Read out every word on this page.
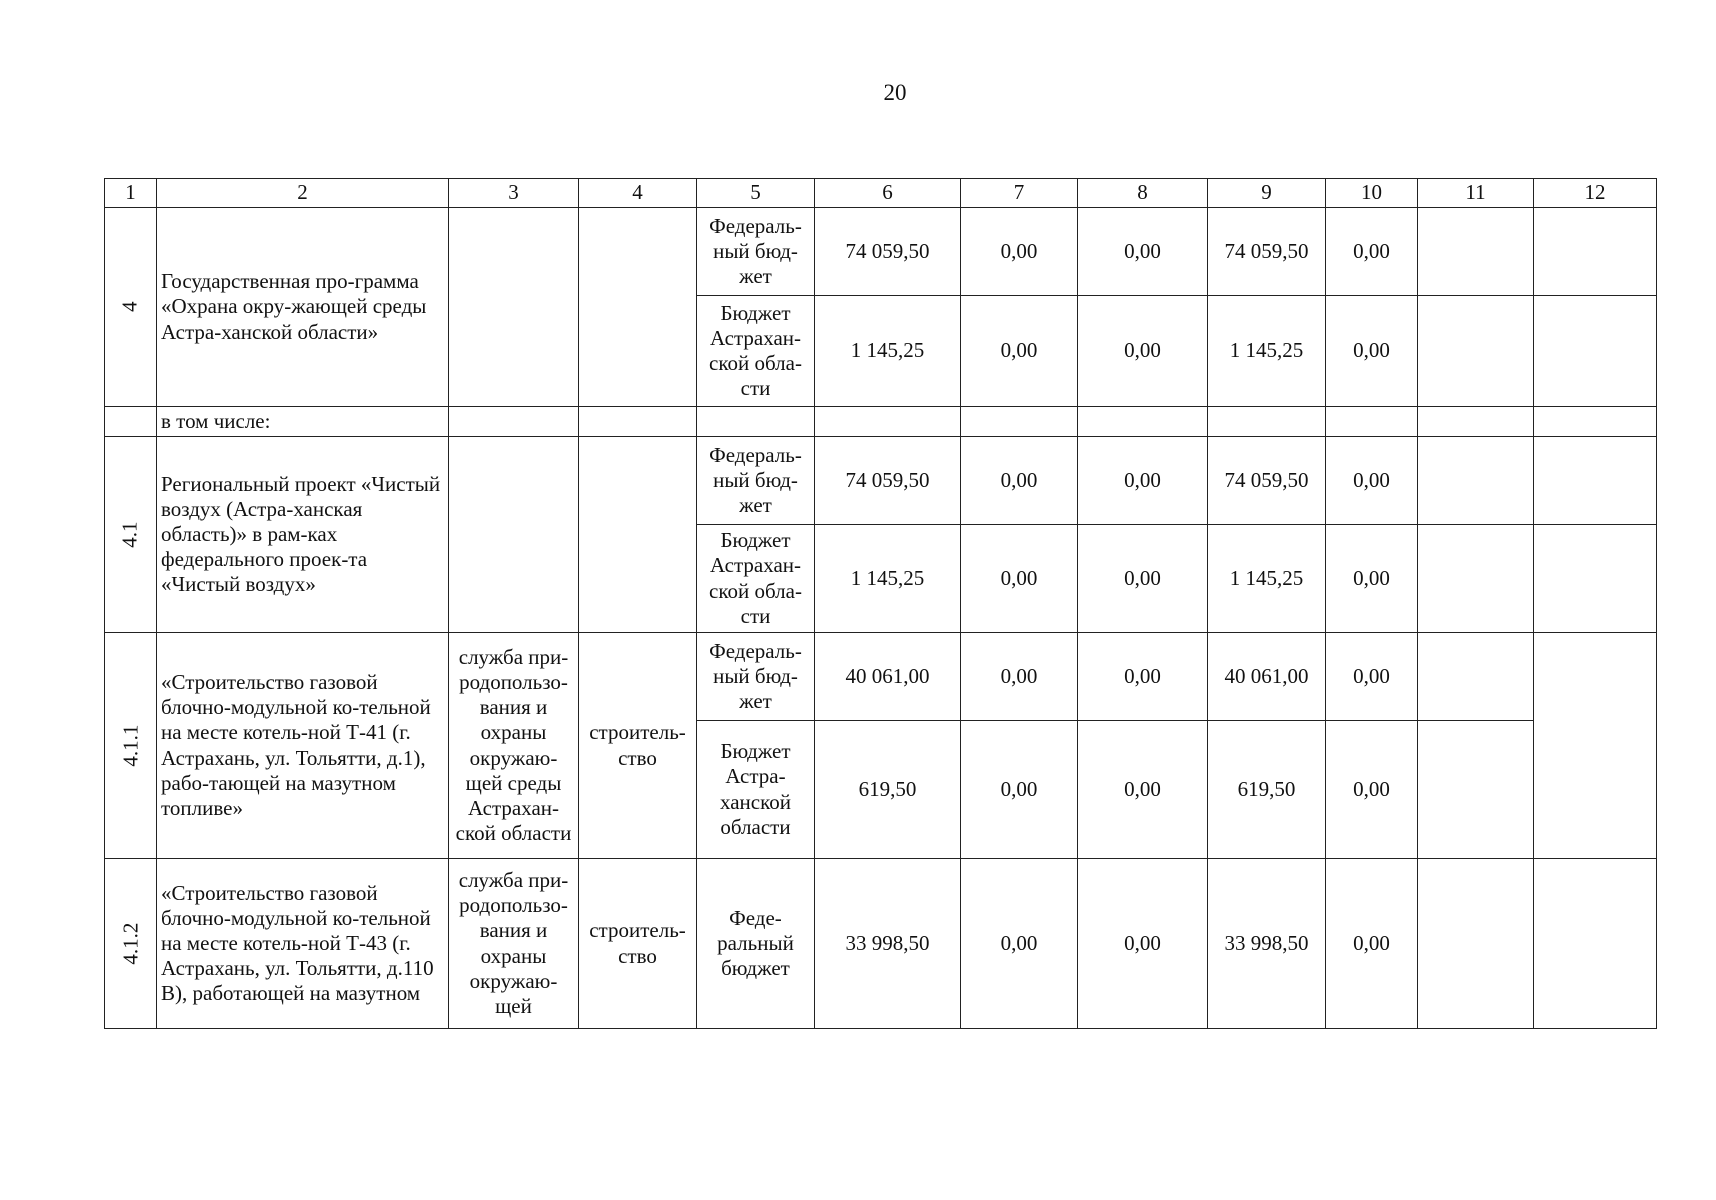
20
1	2	3	4	5	6	7	8	9	10	11	12
4	Государственная про-грамма «Охрана окру-жающей среды Астра-ханской области»			Федераль-ный бюд-жет	74 059,50	0,00	0,00	74 059,50	0,00		
				Бюджет Астрахан-ской обла-сти	1 145,25	0,00	0,00	1 145,25	0,00		
	в том числе:										
4.1	Региональный проект «Чистый воздух (Астра-ханская область)» в рам-ках федерального проек-та «Чистый воздух»			Федераль-ный бюд-жет	74 059,50	0,00	0,00	74 059,50	0,00		
				Бюджет Астрахан-ской обла-сти	1 145,25	0,00	0,00	1 145,25	0,00		
4.1.1	«Строительство газовой блочно-модульной ко-тельной на месте котель-ной Т-41 (г. Астрахань, ул. Тольятти, д.1), рабо-тающей на мазутном топливе»	служба при-родопользо-вания и охраны окружаю-щей среды Астрахан-ской области	строитель-ство	Федераль-ный бюд-жет	40 061,00	0,00	0,00	40 061,00	0,00		
				Бюджет Астра-ханской области	619,50	0,00	0,00	619,50	0,00		
4.1.2	«Строительство газовой блочно-модульной ко-тельной на месте котель-ной Т-43 (г. Астрахань, ул. Тольятти, д.110 В), работающей на мазутном	служба при-родопользо-вания и охраны окружаю-щей	строитель-ство	Феде-ральный бюджет	33 998,50	0,00	0,00	33 998,50	0,00		
